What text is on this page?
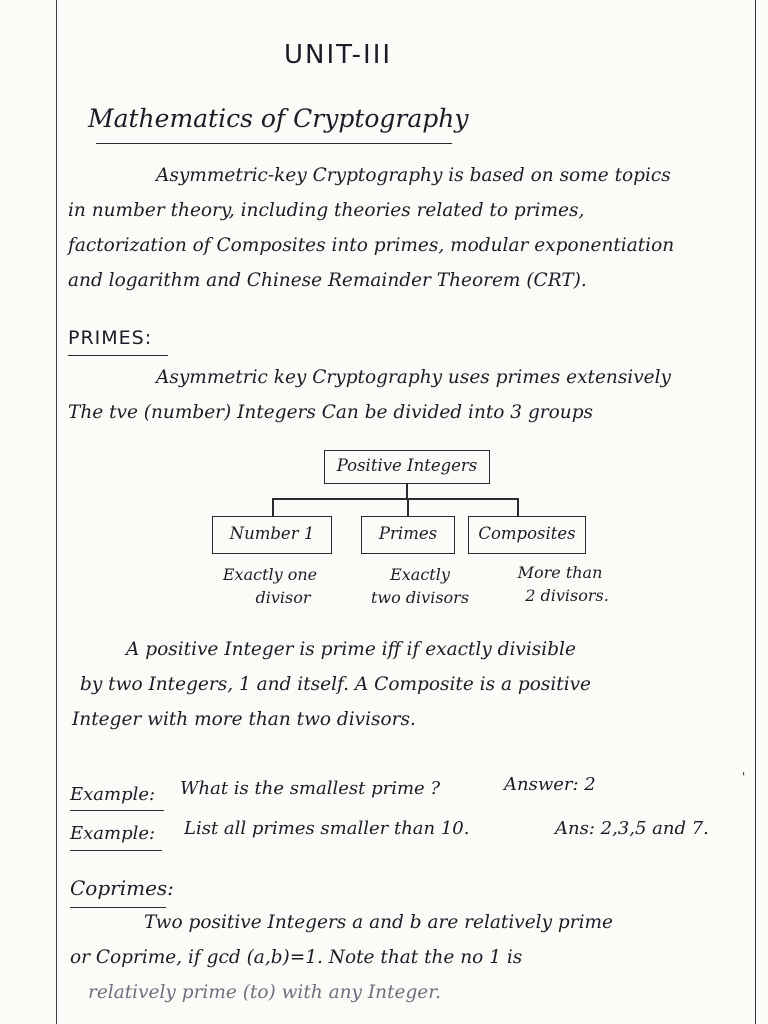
UNIT-III
Mathematics of Cryptography
Asymmetric-key Cryptography is based on some topics
in number theory, including theories related to primes,
factorization of Composites into primes, modular exponentiation
and logarithm and Chinese Remainder Theorem (CRT).
PRIMES:
Asymmetric key Cryptography uses primes extensively
The tve (number) Integers Can be divided into 3 groups
Positive Integers
Number 1	Primes	Composites
Exactly one
divisor
Exactly
two divisors
More than
2 divisors.
A positive Integer is prime iff if exactly divisible
by two Integers, 1 and itself. A Composite is a positive
Integer with more than two divisors.
Example: What is the smallest prime ?	Answer: 2	'
Example: List all primes smaller than 10.	Ans: 2,3,5 and 7.
Coprimes:
Two positive Integers a and b are relatively prime
or Coprime, if gcd (a,b)=1. Note that the no 1 is
relatively prime (to) with any Integer.
